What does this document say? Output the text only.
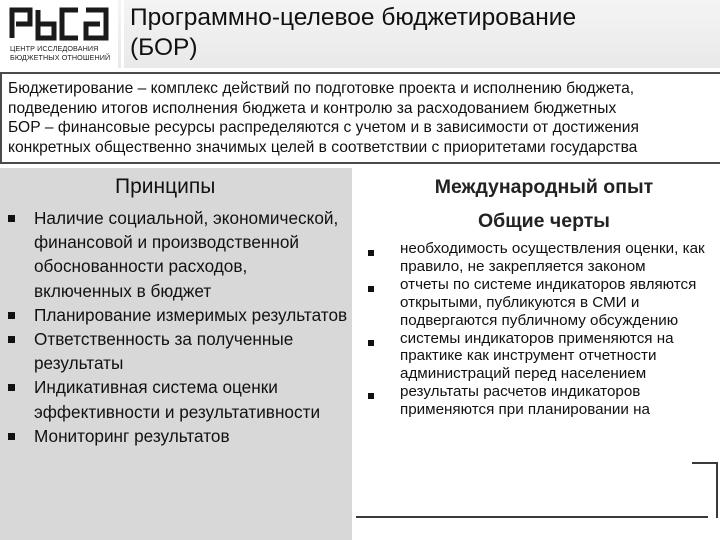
ЦЕНТР ИССЛЕДОВАНИЯ
БЮДЖЕТНЫХ ОТНОШЕНИЙ
Программно-целевое бюджетирование
(БОР)
Бюджетирование – комплекс действий по подготовке проекта и исполнению бюджета,
подведению итогов исполнения бюджета и контролю за расходованием бюджетных
БОР – финансовые ресурсы распределяются с учетом и в зависимости от достижения
конкретных общественно значимых целей в соответствии с приоритетами государства
Принципы
Наличие социальной, экономической, финансовой и производственной обоснованности расходов, включенных в бюджет
Планирование измеримых результатов
Ответственность за полученные результаты
Индикативная система оценки эффективности и результативности
Мониторинг результатов
Международный опыт
Общие черты
необходимость осуществления оценки, как правило, не закрепляется законом
отчеты по системе индикаторов являются открытыми, публикуются в СМИ и подвергаются публичному обсуждению
системы индикаторов применяются на практике как инструмент отчетности администраций перед населением
результаты расчетов индикаторов применяются при планировании на
